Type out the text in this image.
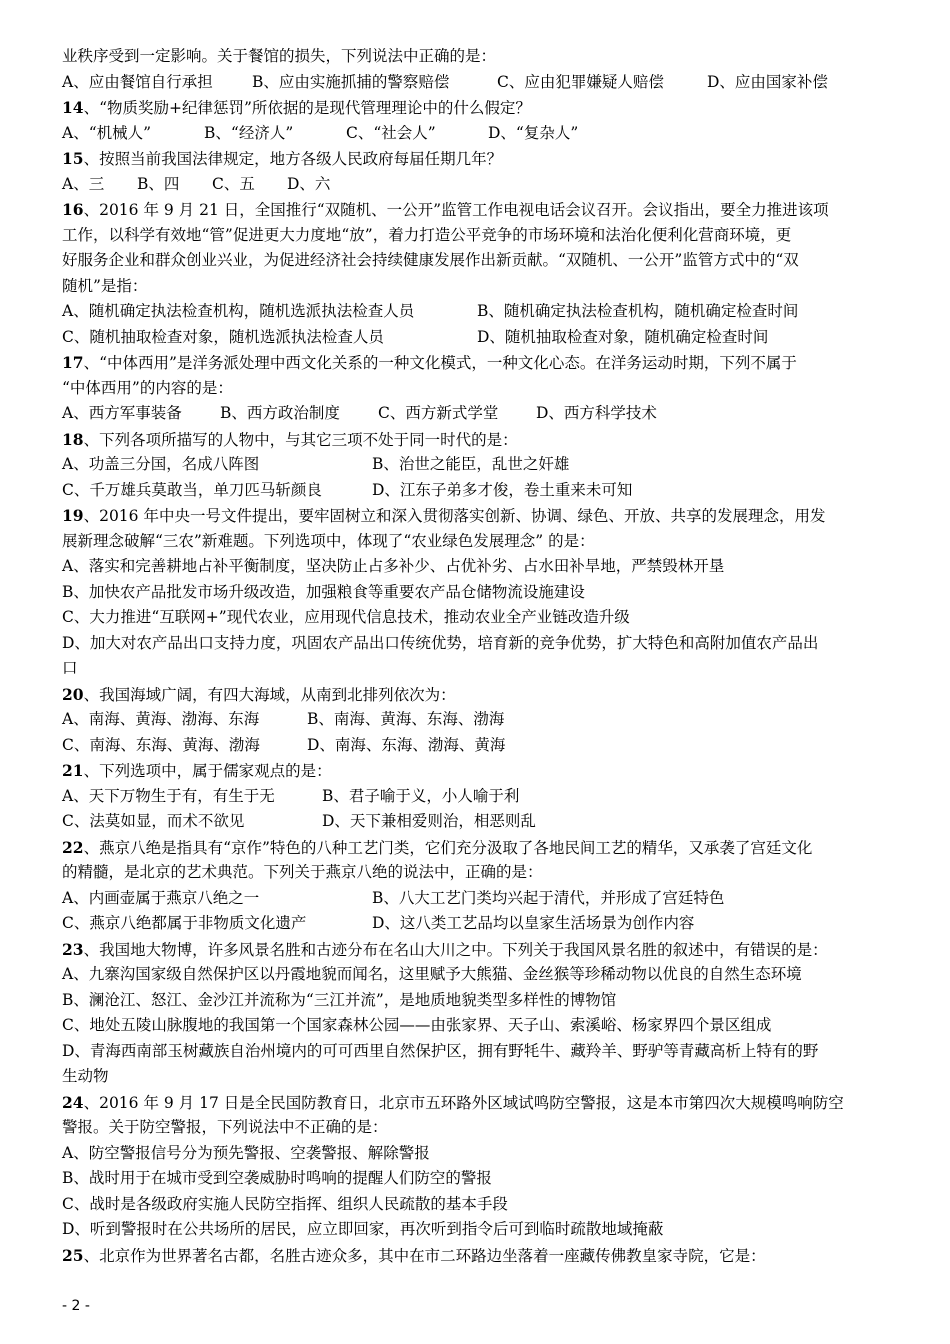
业秩序受到一定影响。关于餐馆的损失，下列说法中正确的是：
A、应由餐馆自行承担	B、应由实施抓捕的警察赔偿	C、应由犯罪嫌疑人赔偿	D、应由国家补偿
14、“物质奖励+纪律惩罚”所依据的是现代管理理论中的什么假定？
A、“机械人”	B、“经济人”	C、“社会人”	D、“复杂人”
15、按照当前我国法律规定，地方各级人民政府每届任期几年？
A、三	B、四	C、五	D、六
16、2016 年 9 月 21 日，全国推行“双随机、一公开”监管工作电视电话会议召开。会议指出，要全力推进该项
工作，以科学有效地“管”促进更大力度地“放”，着力打造公平竞争的市场环境和法治化便利化营商环境，更
好服务企业和群众创业兴业，为促进经济社会持续健康发展作出新贡献。“双随机、一公开”监管方式中的“双
随机”是指：
A、随机确定执法检查机构，随机选派执法检查人员	B、随机确定执法检查机构，随机确定检查时间
C、随机抽取检查对象，随机选派执法检查人员	D、随机抽取检查对象，随机确定检查时间
17、“中体西用”是洋务派处理中西文化关系的一种文化模式，一种文化心态。在洋务运动时期，下列不属于
“中体西用”的内容的是：
A、西方军事装备	B、西方政治制度	C、西方新式学堂	D、西方科学技术
18、下列各项所描写的人物中，与其它三项不处于同一时代的是：
A、功盖三分国，名成八阵图	B、治世之能臣，乱世之奸雄
C、千万雄兵莫敢当，单刀匹马斩颜良	D、江东子弟多才俊，卷土重来未可知
19、2016 年中央一号文件提出，要牢固树立和深入贯彻落实创新、协调、绿色、开放、共享的发展理念，用发
展新理念破解“三农”新难题。下列选项中，体现了“农业绿色发展理念” 的是：
A、落实和完善耕地占补平衡制度，坚决防止占多补少、占优补劣、占水田补旱地，严禁毁林开垦
B、加快农产品批发市场升级改造，加强粮食等重要农产品仓储物流设施建设
C、大力推进“互联网+”现代农业，应用现代信息技术，推动农业全产业链改造升级
D、加大对农产品出口支持力度，巩固农产品出口传统优势，培育新的竞争优势，扩大特色和高附加值农产品出
口
20、我国海域广阔，有四大海域，从南到北排列依次为：
A、南海、黄海、渤海、东海	B、南海、黄海、东海、渤海
C、南海、东海、黄海、渤海	D、南海、东海、渤海、黄海
21、下列选项中，属于儒家观点的是：
A、天下万物生于有，有生于无	B、君子喻于义，小人喻于利
C、法莫如显，而术不欲见	D、天下兼相爱则治，相恶则乱
22、燕京八绝是指具有“京作”特色的八种工艺门类，它们充分汲取了各地民间工艺的精华，又承袭了宫廷文化
的精髓，是北京的艺术典范。下列关于燕京八绝的说法中，正确的是：
A、内画壶属于燕京八绝之一	B、八大工艺门类均兴起于清代，并形成了宫廷特色
C、燕京八绝都属于非物质文化遗产	D、这八类工艺品均以皇家生活场景为创作内容
23、我国地大物博，许多风景名胜和古迹分布在名山大川之中。下列关于我国风景名胜的叙述中，有错误的是：
A、九寨沟国家级自然保护区以丹霞地貌而闻名，这里赋予大熊猫、金丝猴等珍稀动物以优良的自然生态环境
B、澜沧江、怒江、金沙江并流称为“三江并流”，是地质地貌类型多样性的博物馆
C、地处五陵山脉腹地的我国第一个国家森林公园——由张家界、天子山、索溪峪、杨家界四个景区组成
D、青海西南部玉树藏族自治州境内的可可西里自然保护区，拥有野牦牛、藏羚羊、野驴等青藏高析上特有的野
生动物
24、2016 年 9 月 17 日是全民国防教育日，北京市五环路外区域试鸣防空警报，这是本市第四次大规模鸣响防空
警报。关于防空警报，下列说法中不正确的是：
A、防空警报信号分为预先警报、空袭警报、解除警报
B、战时用于在城市受到空袭威胁时鸣响的提醒人们防空的警报
C、战时是各级政府实施人民防空指挥、组织人民疏散的基本手段
D、听到警报时在公共场所的居民，应立即回家，再次听到指令后可到临时疏散地域掩蔽
25、北京作为世界著名古都，名胜古迹众多，其中在市二环路边坐落着一座藏传佛教皇家寺院，它是：
- 2 -
